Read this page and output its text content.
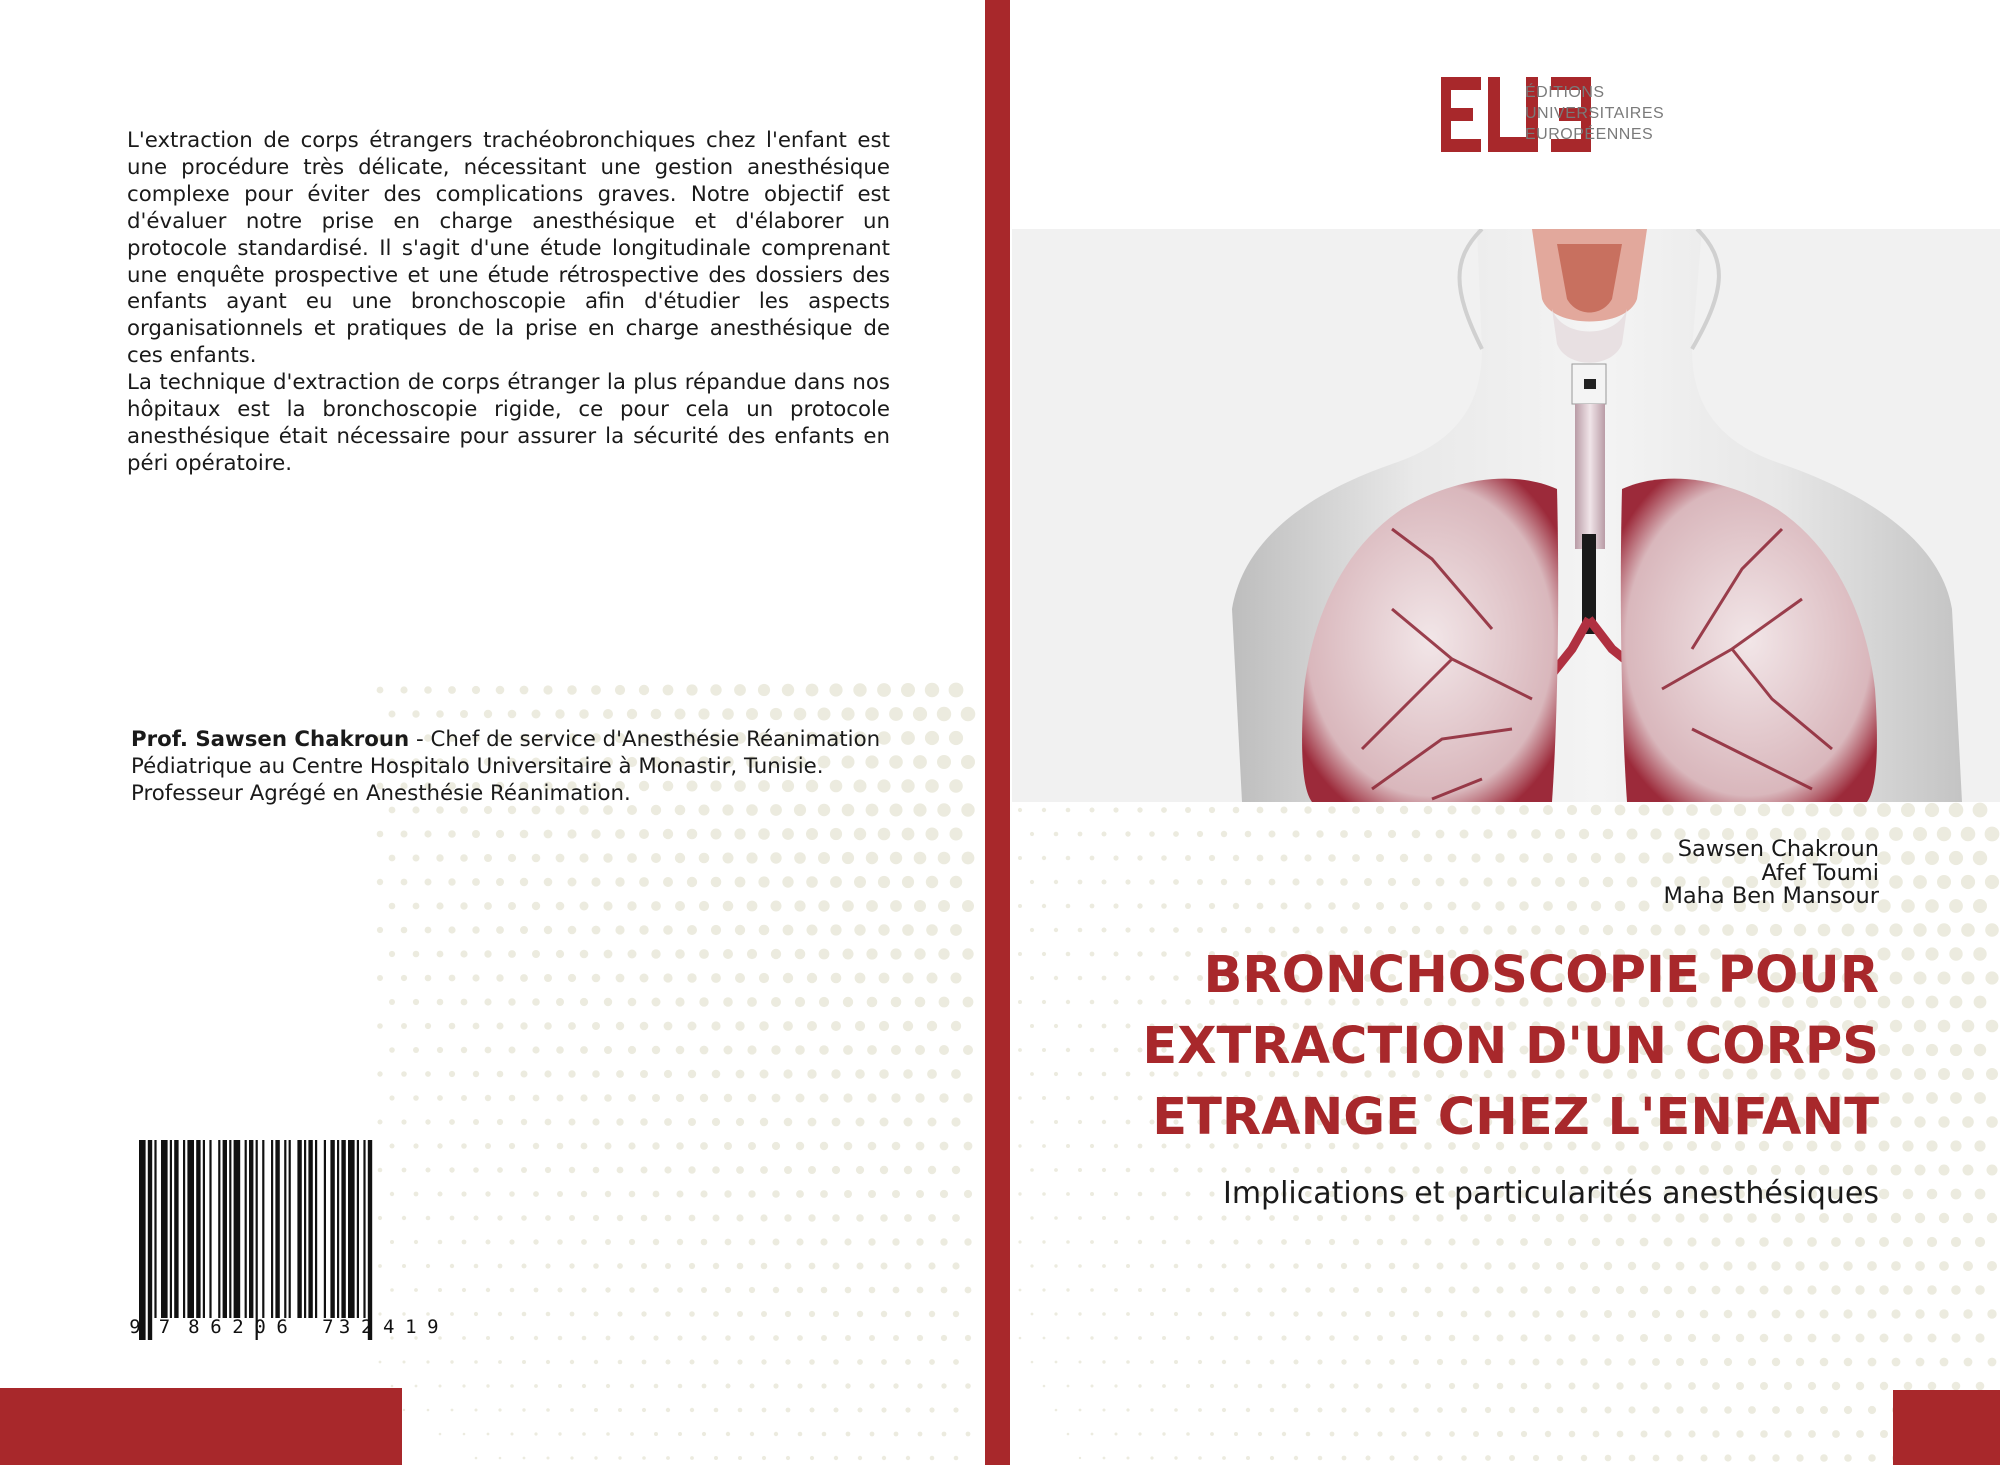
L'extraction de corps étrangers trachéobronchiques chez l'enfant est une procédure très délicate, nécessitant une gestion anesthésique complexe pour éviter des complications graves. Notre objectif est d'évaluer notre prise en charge anesthésique et d'élaborer un protocole standardisé. Il s'agit d'une étude longitudinale comprenant une enquête prospective et une étude rétrospective des dossiers des enfants ayant eu une bronchoscopie afin d'étudier les aspects organisationnels et pratiques de la prise en charge anesthésique de ces enfants.

La technique d'extraction de corps étranger la plus répandue dans nos hôpitaux est la bronchoscopie rigide, ce pour cela un protocole anesthésique était nécessaire pour assurer la sécurité des enfants en péri opératoire.

Prof. Sawsen Chakroun - Chef de service d'Anesthésie Réanimation
Pédiatrique au Centre Hospitalo Universitaire à Monastir, Tunisie.
Professeur Agrégé en Anesthésie Réanimation.
9 7 8 6 2 0 6	7 3 2 4 1 9
ÉDITIONS
UNIVERSITAIRES
EUROPÉENNES
Sawsen Chakroun
Afef Toumi
Maha Ben Mansour
BRONCHOSCOPIE POUR
EXTRACTION D'UN CORPS
ETRANGE CHEZ L'ENFANT
Implications et particularités anesthésiques
